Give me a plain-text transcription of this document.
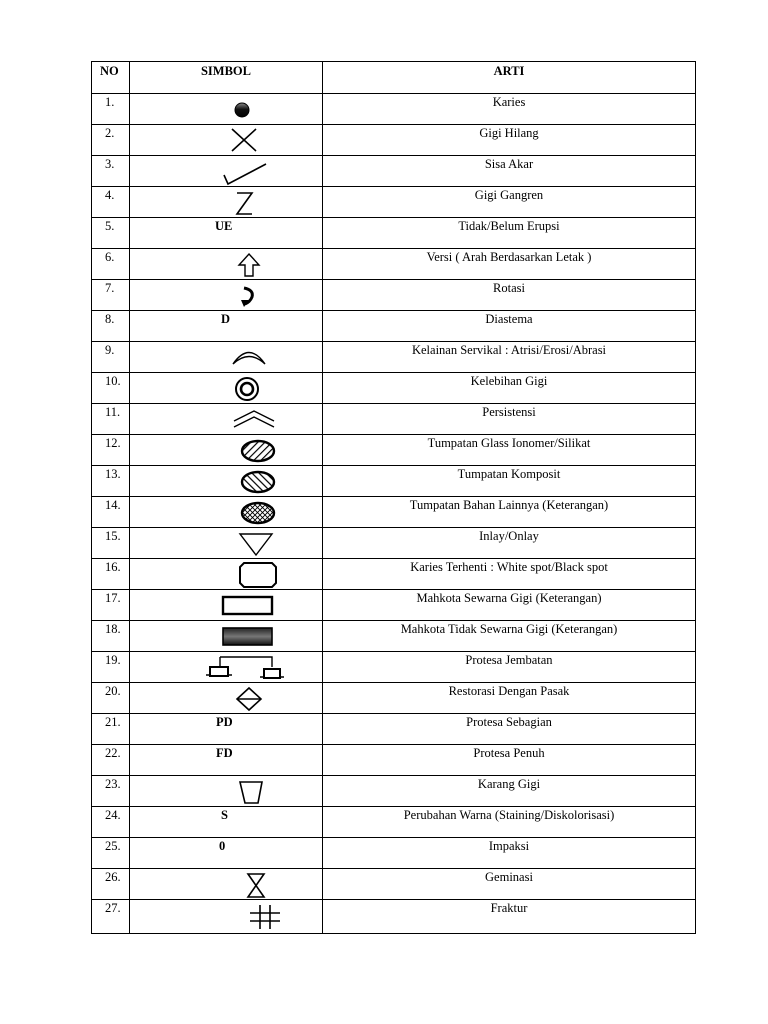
NO	SIMBOL	ARTI
1.		Karies
2.		Gigi Hilang
3.		Sisa Akar
4.		Gigi Gangren
5.	UE	Tidak/Belum Erupsi
6.		Versi ( Arah Berdasarkan Letak )
7.		Rotasi
8.	D	Diastema
9.		Kelainan Servikal : Atrisi/Erosi/Abrasi
10.		Kelebihan Gigi
11.		Persistensi
12.		Tumpatan Glass Ionomer/Silikat
13.		Tumpatan Komposit
14.		Tumpatan Bahan Lainnya (Keterangan)
15.		Inlay/Onlay
16.		Karies Terhenti : White spot/Black spot
17.		Mahkota Sewarna Gigi (Keterangan)
18.		Mahkota Tidak Sewarna Gigi (Keterangan)
19.		Protesa Jembatan
20.		Restorasi Dengan Pasak
21.	PD	Protesa Sebagian
22.	FD	Protesa Penuh
23.		Karang Gigi
24.	S	Perubahan Warna (Staining/Diskolorisasi)
25.	0	Impaksi
26.		Geminasi
27.		Fraktur
